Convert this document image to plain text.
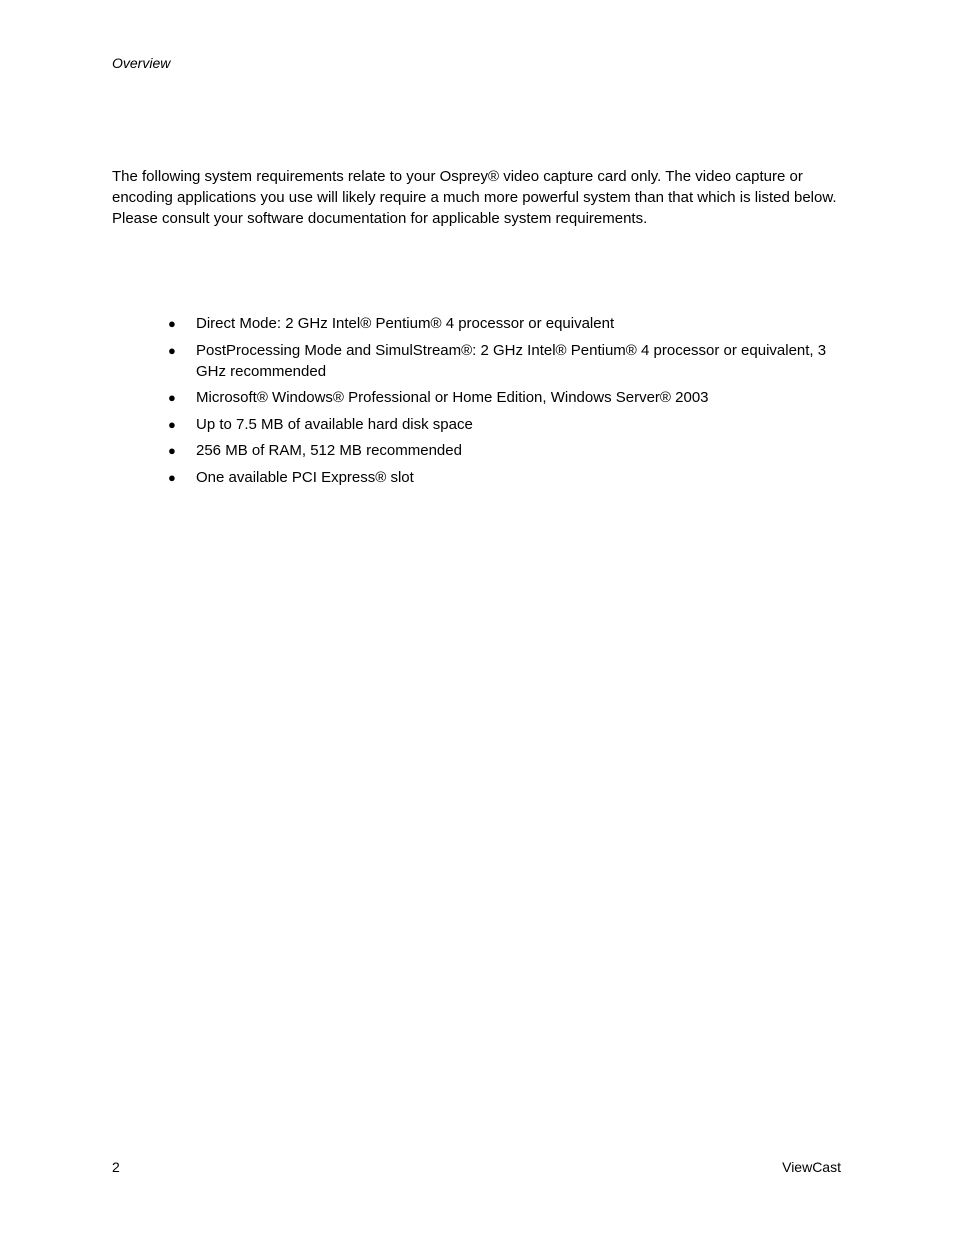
Overview

The following system requirements relate to your Osprey® video capture card only. The video capture or encoding applications you use will likely require a much more powerful system than that which is listed below. Please consult your software documentation for applicable system requirements.

● Direct Mode: 2 GHz Intel® Pentium® 4 processor or equivalent
● PostProcessing Mode and SimulStream®: 2 GHz Intel® Pentium® 4 processor or equivalent, 3 GHz recommended
● Microsoft® Windows® Professional or Home Edition, Windows Server® 2003
● Up to 7.5 MB of available hard disk space
● 256 MB of RAM, 512 MB recommended
● One available PCI Express® slot
2	ViewCast
